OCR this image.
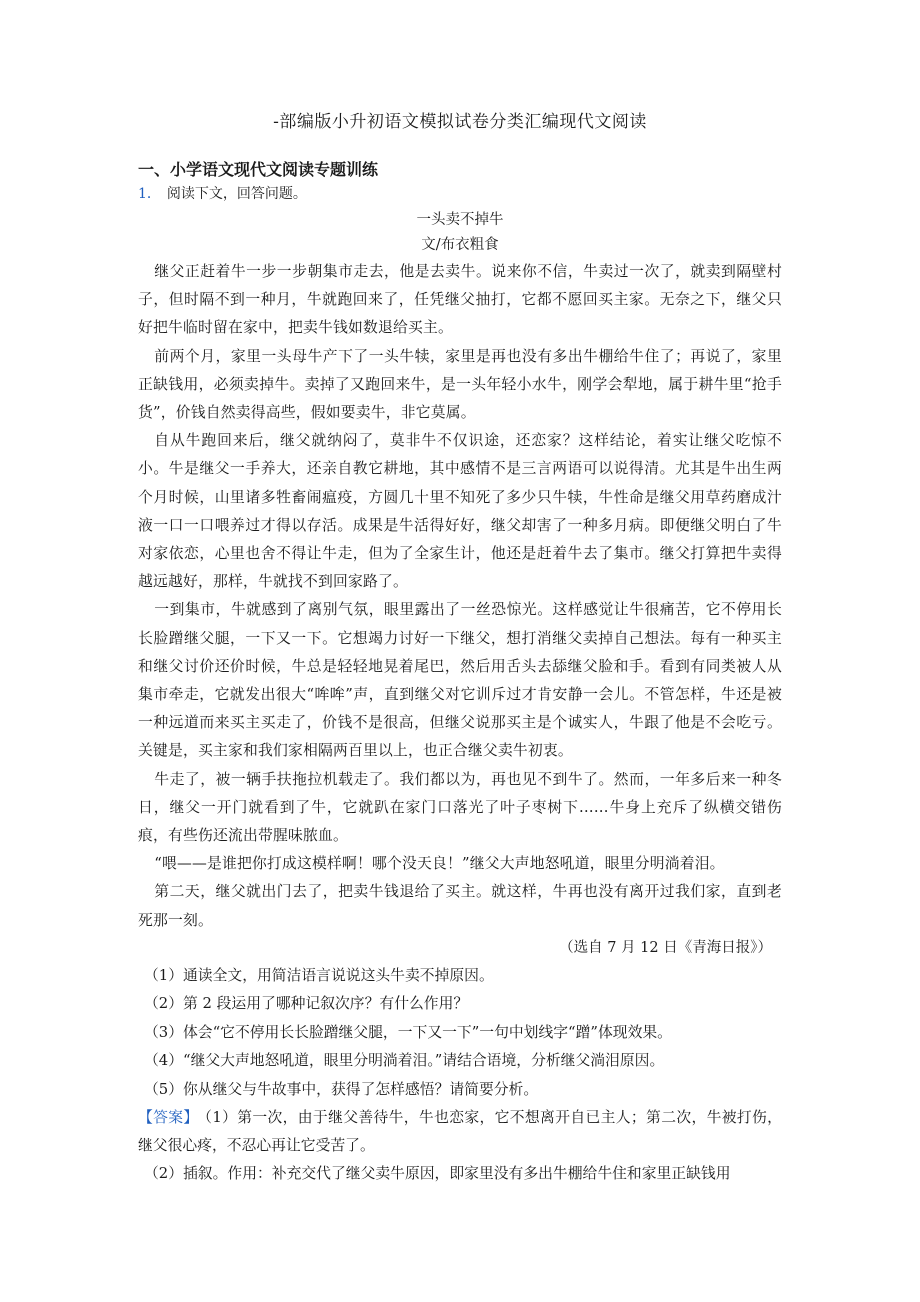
-部编版小升初语文模拟试卷分类汇编现代文阅读

一、小学语文现代文阅读专题训练

1． 阅读下文，回答问题。

一头卖不掉牛

文/布衣粗食

继父正赶着牛一步一步朝集市走去，他是去卖牛。说来你不信，牛卖过一次了，就卖到隔壁村子，但时隔不到一种月，牛就跑回来了，任凭继父抽打，它都不愿回买主家。无奈之下，继父只好把牛临时留在家中，把卖牛钱如数退给买主。

前两个月，家里一头母牛产下了一头牛犊，家里是再也没有多出牛棚给牛住了；再说了，家里正缺钱用，必须卖掉牛。卖掉了又跑回来牛，是一头年轻小水牛，刚学会犁地，属于耕牛里“抢手货”，价钱自然卖得高些，假如要卖牛，非它莫属。

自从牛跑回来后，继父就纳闷了，莫非牛不仅识途，还恋家？这样结论，着实让继父吃惊不小。牛是继父一手养大，还亲自教它耕地，其中感情不是三言两语可以说得清。尤其是牛出生两个月时候，山里诸多牲畜闹瘟疫，方圆几十里不知死了多少只牛犊，牛性命是继父用草药磨成汁液一口一口喂养过才得以存活。成果是牛活得好好，继父却害了一种多月病。即便继父明白了牛对家依恋，心里也舍不得让牛走，但为了全家生计，他还是赶着牛去了集市。继父打算把牛卖得越远越好，那样，牛就找不到回家路了。

一到集市，牛就感到了离别气氛，眼里露出了一丝恐惊光。这样感觉让牛很痛苦，它不停用长长脸蹭继父腿，一下又一下。它想竭力讨好一下继父，想打消继父卖掉自己想法。每有一种买主和继父讨价还价时候，牛总是轻轻地晃着尾巴，然后用舌头去舔继父脸和手。看到有同类被人从集市牵走，它就发出很大“哞哞”声，直到继父对它训斥过才肯安静一会儿。不管怎样，牛还是被一种远道而来买主买走了，价钱不是很高，但继父说那买主是个诚实人，牛跟了他是不会吃亏。关键是，买主家和我们家相隔两百里以上，也正合继父卖牛初衷。

牛走了，被一辆手扶拖拉机载走了。我们都以为，再也见不到牛了。然而，一年多后来一种冬日，继父一开门就看到了牛，它就趴在家门口落光了叶子枣树下……牛身上充斥了纵横交错伤痕，有些伤还流出带腥味脓血。

“喂——是谁把你打成这模样啊！哪个没天良！”继父大声地怒吼道，眼里分明淌着泪。

第二天，继父就出门去了，把卖牛钱退给了买主。就这样，牛再也没有离开过我们家，直到老死那一刻。

（选自 7 月 12 日《青海日报》）

（1）通读全文，用简洁语言说说这头牛卖不掉原因。

（2）第 2 段运用了哪种记叙次序？有什么作用？

（3）体会“它不停用长长脸蹭继父腿，一下又一下”一句中划线字“蹭”体现效果。

（4）“继父大声地怒吼道，眼里分明淌着泪。”请结合语境，分析继父淌泪原因。

（5）你从继父与牛故事中，获得了怎样感悟？请简要分析。

【答案】 （1）第一次，由于继父善待牛，牛也恋家，它不想离开自已主人；第二次，牛被打伤，继父很心疼，不忍心再让它受苦了。

（2）插叙。作用：补充交代了继父卖牛原因，即家里没有多出牛棚给牛住和家里正缺钱用
